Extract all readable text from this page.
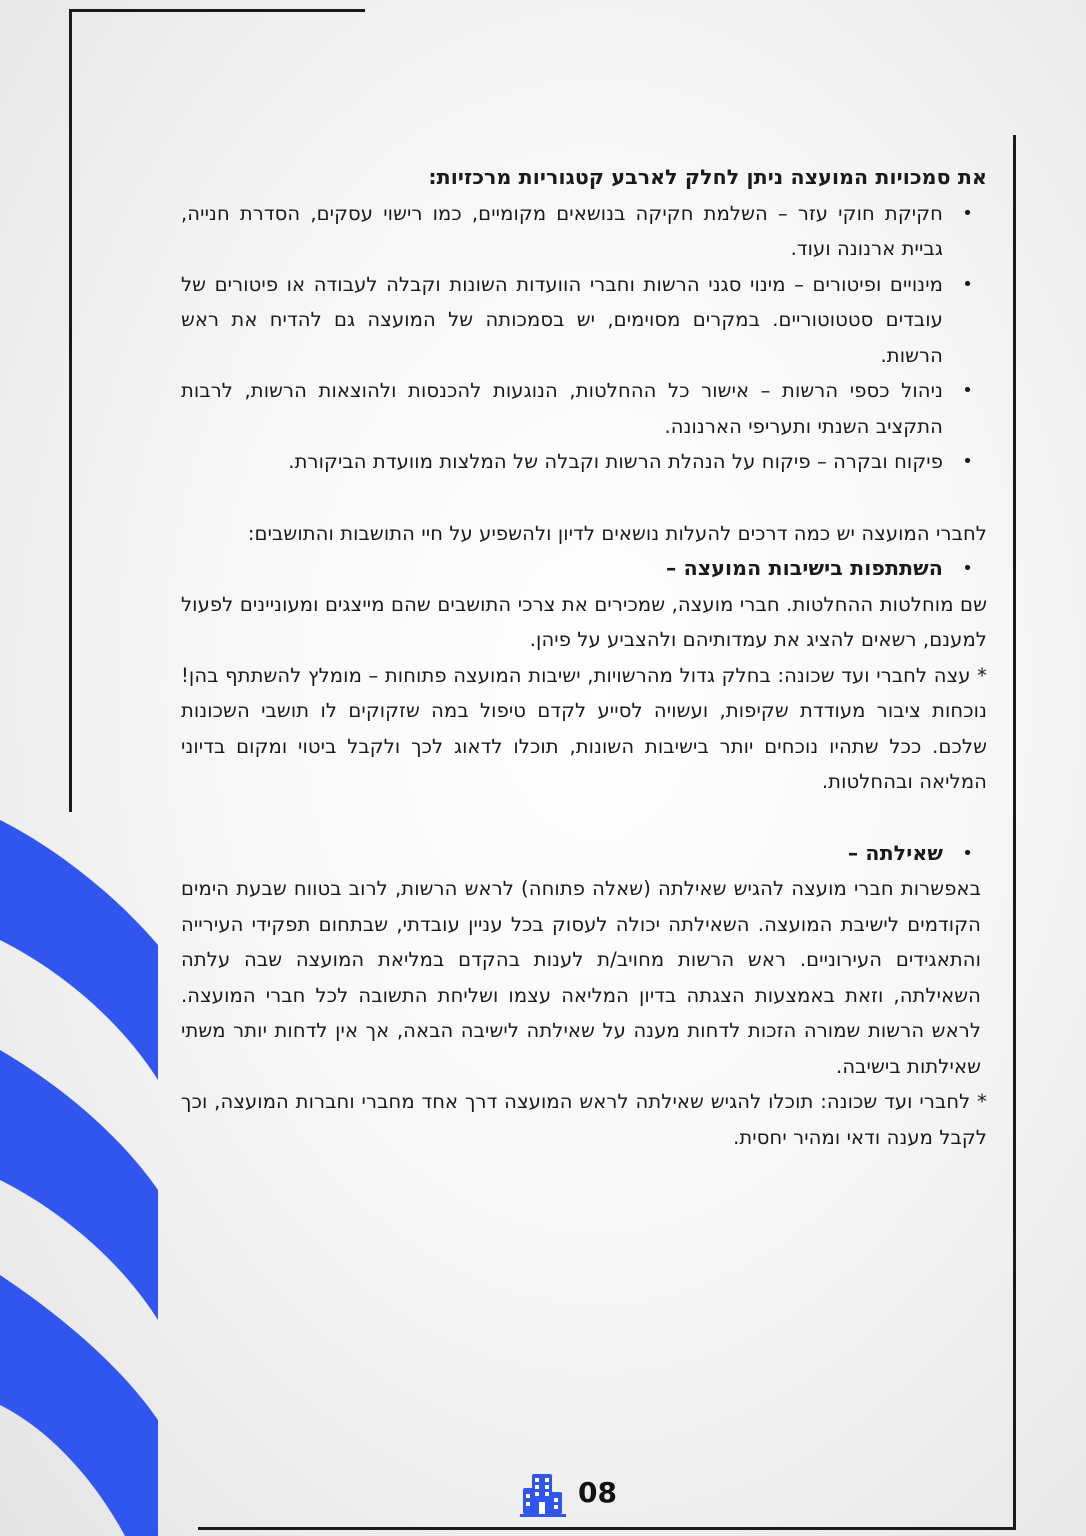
את סמכויות המועצה ניתן לחלק לארבע קטגוריות מרכזיות:

• חקיקת חוקי עזר – השלמת חקיקה בנושאים מקומיים, כמו רישוי עסקים, הסדרת חנייה, גביית ארנונה ועוד.
• מינויים ופיטורים – מינוי סגני הרשות וחברי הוועדות השונות וקבלה לעבודה או פיטורים של עובדים סטטוטוריים. במקרים מסוימים, יש בסמכותה של המועצה גם להדיח את ראש הרשות.
• ניהול כספי הרשות – אישור כל ההחלטות, הנוגעות להכנסות ולהוצאות הרשות, לרבות התקציב השנתי ותעריפי הארנונה.
• פיקוח ובקרה – פיקוח על הנהלת הרשות וקבלה של המלצות מוועדת הביקורת.

לחברי המועצה יש כמה דרכים להעלות נושאים לדיון ולהשפיע על חיי התושבות והתושבים:

• השתתפות בישיבות המועצה –

שם מוחלטות ההחלטות. חברי מועצה, שמכירים את צרכי התושבים שהם מייצגים ומעוניינים לפעול למענם, רשאים להציג את עמדותיהם ולהצביע על פיהן.

* עצה לחברי ועד שכונה: בחלק גדול מהרשויות, ישיבות המועצה פתוחות – מומלץ להשתתף בהן! נוכחות ציבור מעודדת שקיפות, ועשויה לסייע לקדם טיפול במה שזקוקים לו תושבי השכונות שלכם. ככל שתהיו נוכחים יותר בישיבות השונות, תוכלו לדאוג לכך ולקבל ביטוי ומקום בדיוני המליאה ובהחלטות.

• שאילתה –

באפשרות חברי מועצה להגיש שאילתה (שאלה פתוחה) לראש הרשות, לרוב בטווח שבעת הימים הקודמים לישיבת המועצה. השאילתה יכולה לעסוק בכל עניין עובדתי, שבתחום תפקידי העירייה והתאגידים העירוניים. ראש הרשות מחויב/ת לענות בהקדם במליאת המועצה שבה עלתה השאילתה, וזאת באמצעות הצגתה בדיון המליאה עצמו ושליחת התשובה לכל חברי המועצה. לראש הרשות שמורה הזכות לדחות מענה על שאילתה לישיבה הבאה, אך אין לדחות יותר משתי שאילתות בישיבה.

* לחברי ועד שכונה: תוכלו להגיש שאילתה לראש המועצה דרך אחד מחברי וחברות המועצה, וכך לקבל מענה ודאי ומהיר יחסית.

08
